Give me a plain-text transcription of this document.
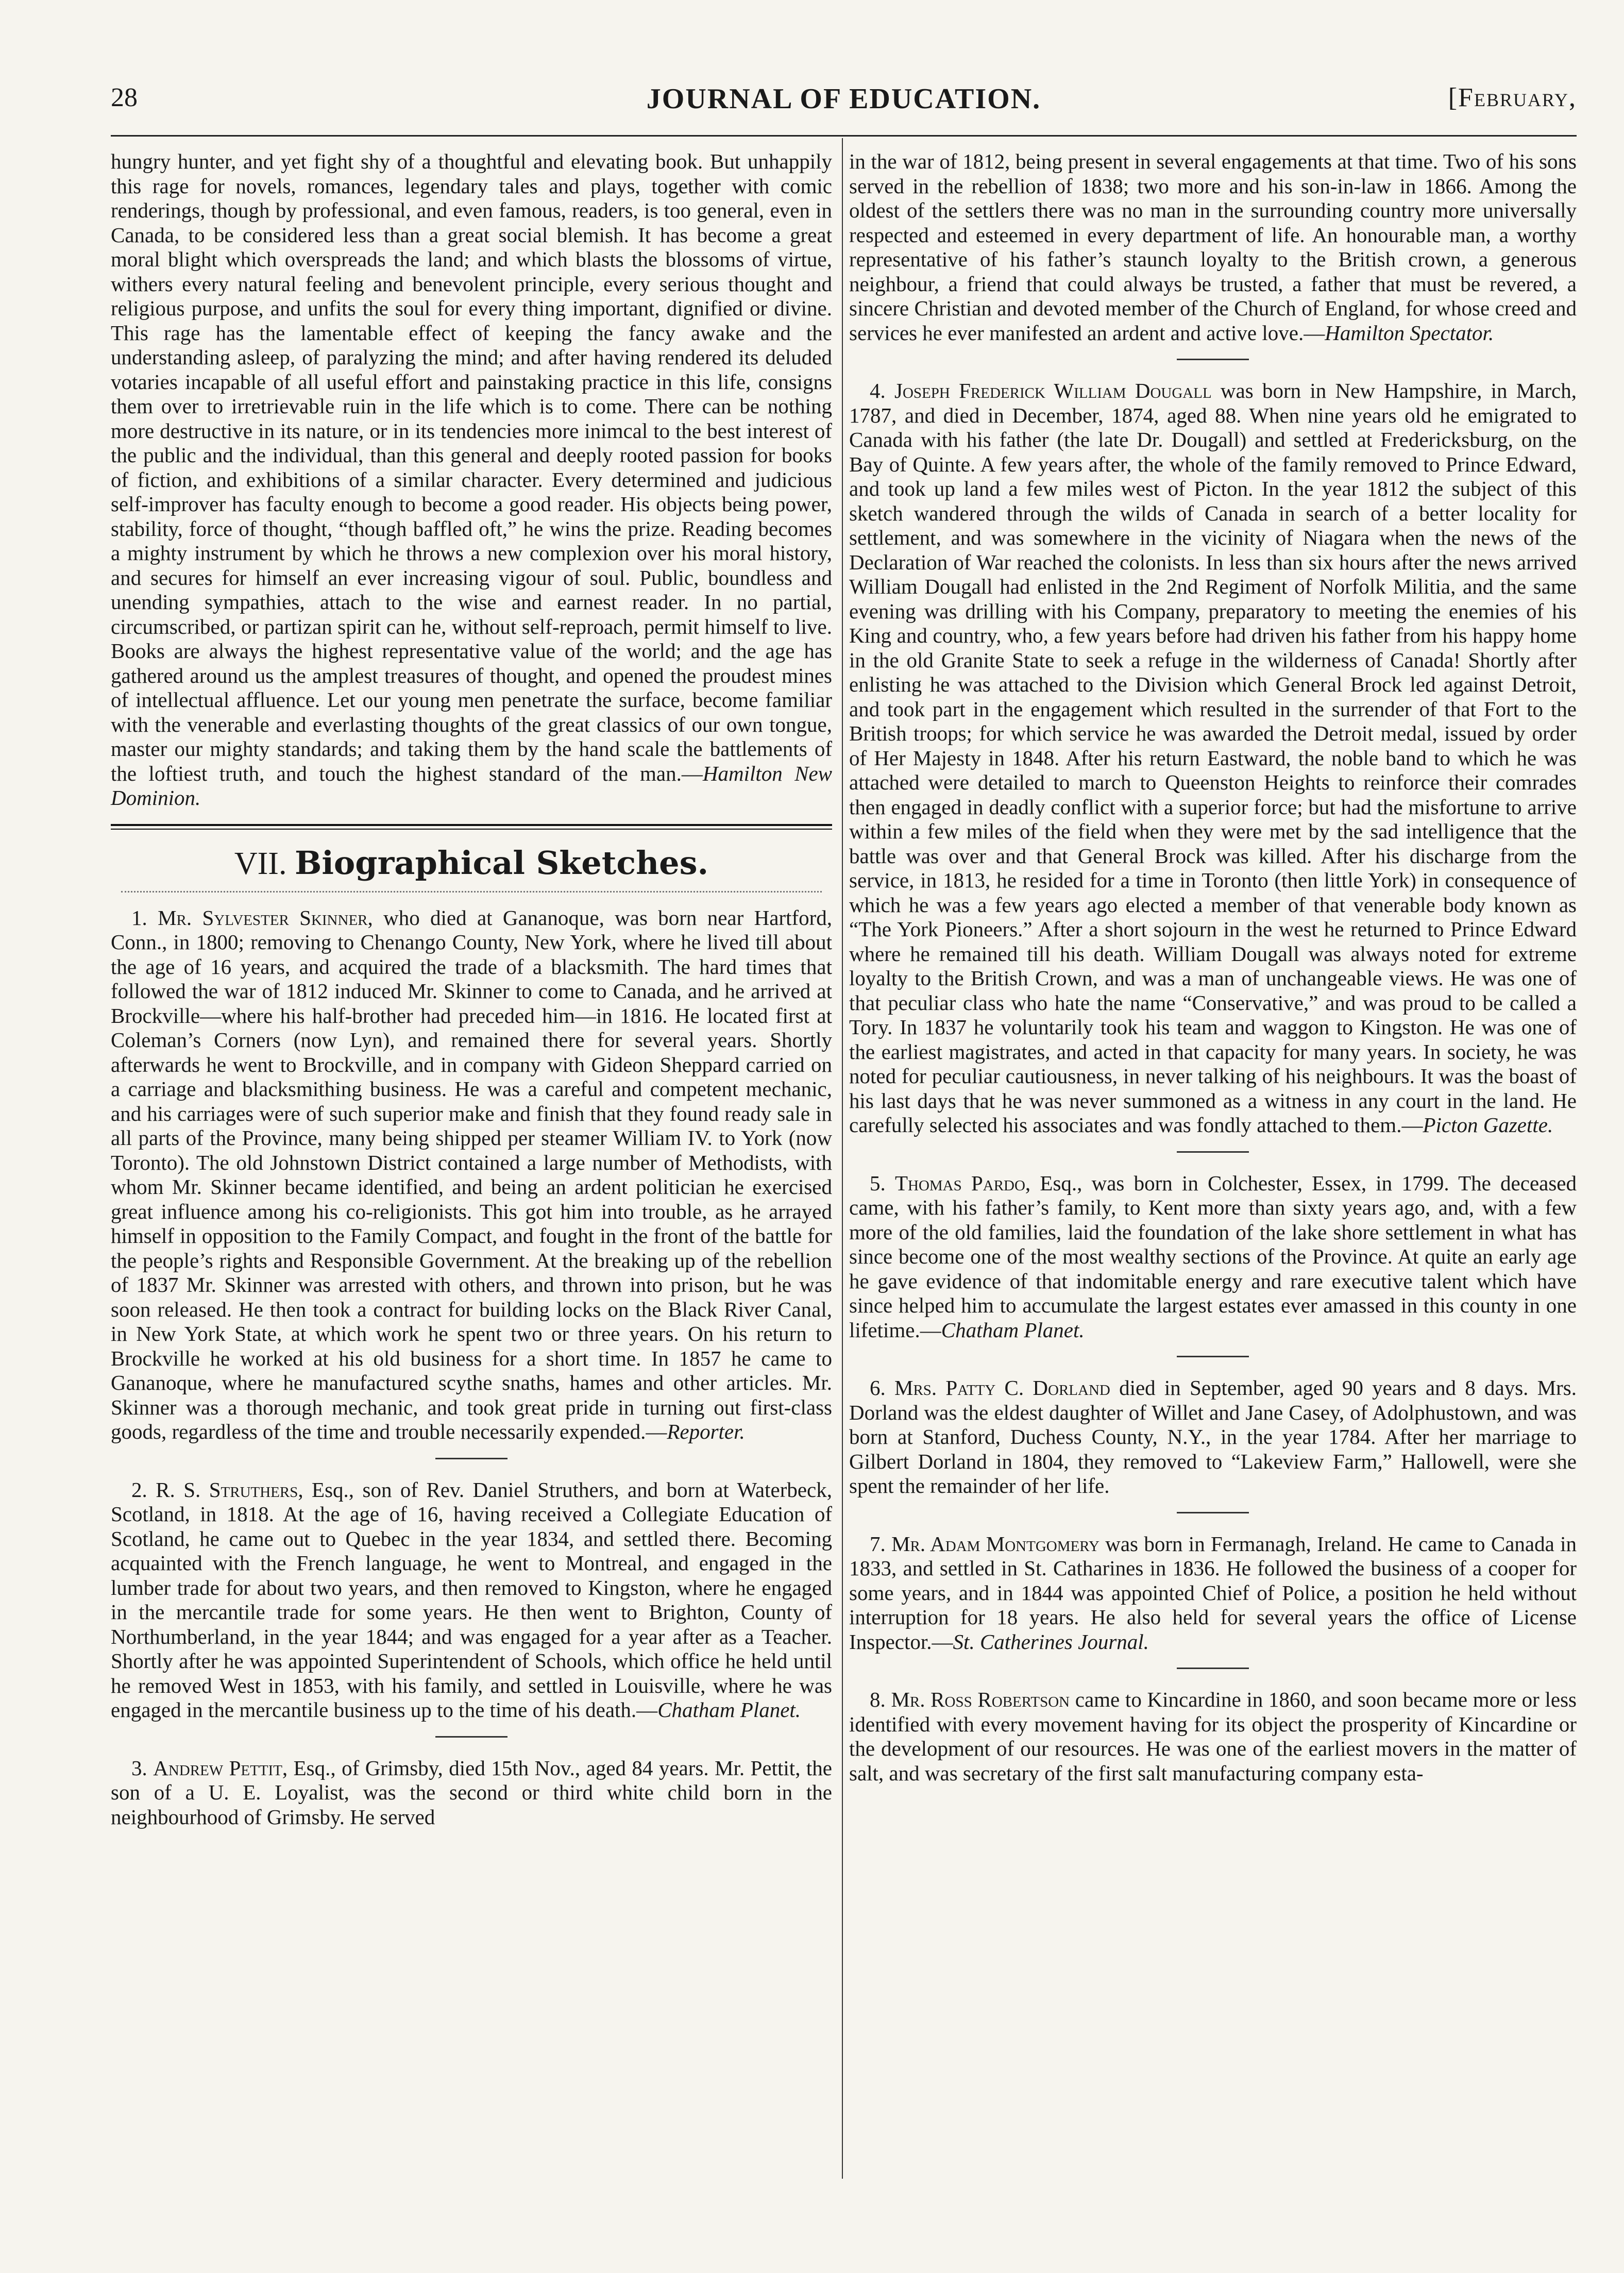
JOURNAL OF EDUCATION.
28	[February,

hungry hunter, and yet fight shy of a thoughtful and elevating book. But unhappily this rage for novels, romances, legendary tales and plays, together with comic renderings, though by professional, and even famous, readers, is too general, even in Canada, to be considered less than a great social blemish. It has become a great moral blight which overspreads the land; and which blasts the blossoms of virtue, withers every natural feeling and benevolent principle, every serious thought and religious purpose, and unfits the soul for every thing important, dignified or divine. This rage has the lamentable effect of keeping the fancy awake and the understanding asleep, of paralyzing the mind; and after having rendered its deluded votaries incapable of all useful effort and painstaking practice in this life, consigns them over to irretrievable ruin in the life which is to come. There can be nothing more destructive in its nature, or in its tendencies more inimcal to the best interest of the public and the individual, than this general and deeply rooted passion for books of fiction, and exhibitions of a similar character. Every determined and judicious self-improver has faculty enough to become a good reader. His objects being power, stability, force of thought, “though baffled oft,” he wins the prize. Reading becomes a mighty instrument by which he throws a new complexion over his moral history, and secures for himself an ever increasing vigour of soul. Public, boundless and unending sympathies, attach to the wise and earnest reader. In no partial, circumscribed, or partizan spirit can he, without self-reproach, permit himself to live. Books are always the highest representative value of the world; and the age has gathered around us the amplest treasures of thought, and opened the proudest mines of intellectual affluence. Let our young men penetrate the surface, become familiar with the venerable and everlasting thoughts of the great classics of our own tongue, master our mighty standards; and taking them by the hand scale the battlements of the loftiest truth, and touch the highest standard of the man.—Hamilton New Dominion.

VII. Biographical Sketches.

1. Mr. Sylvester Skinner, who died at Gananoque, was born near Hartford, Conn., in 1800; removing to Chenango County, New York, where he lived till about the age of 16 years, and acquired the trade of a blacksmith. The hard times that followed the war of 1812 induced Mr. Skinner to come to Canada, and he arrived at Brockville—where his half-brother had preceded him—in 1816. He located first at Coleman’s Corners (now Lyn), and remained there for several years. Shortly afterwards he went to Brockville, and in company with Gideon Sheppard carried on a carriage and blacksmithing business. He was a careful and competent mechanic, and his carriages were of such superior make and finish that they found ready sale in all parts of the Province, many being shipped per steamer William IV. to York (now Toronto). The old Johnstown District contained a large number of Methodists, with whom Mr. Skinner became identified, and being an ardent politician he exercised great influence among his co-religionists. This got him into trouble, as he arrayed himself in opposition to the Family Compact, and fought in the front of the battle for the people’s rights and Responsible Government. At the breaking up of the rebellion of 1837 Mr. Skinner was arrested with others, and thrown into prison, but he was soon released. He then took a contract for building locks on the Black River Canal, in New York State, at which work he spent two or three years. On his return to Brockville he worked at his old business for a short time. In 1857 he came to Gananoque, where he manufactured scythe snaths, hames and other articles. Mr. Skinner was a thorough mechanic, and took great pride in turning out first-class goods, regardless of the time and trouble necessarily expended.—Reporter.

2. R. S. Struthers, Esq., son of Rev. Daniel Struthers, and born at Waterbeck, Scotland, in 1818. At the age of 16, having received a Collegiate Education of Scotland, he came out to Quebec in the year 1834, and settled there. Becoming acquainted with the French language, he went to Montreal, and engaged in the lumber trade for about two years, and then removed to Kingston, where he engaged in the mercantile trade for some years. He then went to Brighton, County of Northumberland, in the year 1844; and was engaged for a year after as a Teacher. Shortly after he was appointed Superintendent of Schools, which office he held until he removed West in 1853, with his family, and settled in Louisville, where he was engaged in the mercantile business up to the time of his death.—Chatham Planet.

3. Andrew Pettit, Esq., of Grimsby, died 15th Nov., aged 84 years. Mr. Pettit, the son of a U. E. Loyalist, was the second or third white child born in the neighbourhood of Grimsby. He served

in the war of 1812, being present in several engagements at that time. Two of his sons served in the rebellion of 1838; two more and his son-in-law in 1866. Among the oldest of the settlers there was no man in the surrounding country more universally respected and esteemed in every department of life. An honourable man, a worthy representative of his father’s staunch loyalty to the British crown, a generous neighbour, a friend that could always be trusted, a father that must be revered, a sincere Christian and devoted member of the Church of England, for whose creed and services he ever manifested an ardent and active love.—Hamilton Spectator.

4. Joseph Frederick William Dougall was born in New Hampshire, in March, 1787, and died in December, 1874, aged 88. When nine years old he emigrated to Canada with his father (the late Dr. Dougall) and settled at Fredericksburg, on the Bay of Quinte. A few years after, the whole of the family removed to Prince Edward, and took up land a few miles west of Picton. In the year 1812 the subject of this sketch wandered through the wilds of Canada in search of a better locality for settlement, and was somewhere in the vicinity of Niagara when the news of the Declaration of War reached the colonists. In less than six hours after the news arrived William Dougall had enlisted in the 2nd Regiment of Norfolk Militia, and the same evening was drilling with his Company, preparatory to meeting the enemies of his King and country, who, a few years before had driven his father from his happy home in the old Granite State to seek a refuge in the wilderness of Canada! Shortly after enlisting he was attached to the Division which General Brock led against Detroit, and took part in the engagement which resulted in the surrender of that Fort to the British troops; for which service he was awarded the Detroit medal, issued by order of Her Majesty in 1848. After his return Eastward, the noble band to which he was attached were detailed to march to Queenston Heights to reinforce their comrades then engaged in deadly conflict with a superior force; but had the misfortune to arrive within a few miles of the field when they were met by the sad intelligence that the battle was over and that General Brock was killed. After his discharge from the service, in 1813, he resided for a time in Toronto (then little York) in consequence of which he was a few years ago elected a member of that venerable body known as “The York Pioneers.” After a short sojourn in the west he returned to Prince Edward where he remained till his death. William Dougall was always noted for extreme loyalty to the British Crown, and was a man of unchangeable views. He was one of that peculiar class who hate the name “Conservative,” and was proud to be called a Tory. In 1837 he voluntarily took his team and waggon to Kingston. He was one of the earliest magistrates, and acted in that capacity for many years. In society, he was noted for peculiar cautiousness, in never talking of his neighbours. It was the boast of his last days that he was never summoned as a witness in any court in the land. He carefully selected his associates and was fondly attached to them.—Picton Gazette.

5. Thomas Pardo, Esq., was born in Colchester, Essex, in 1799. The deceased came, with his father’s family, to Kent more than sixty years ago, and, with a few more of the old families, laid the foundation of the lake shore settlement in what has since become one of the most wealthy sections of the Province. At quite an early age he gave evidence of that indomitable energy and rare executive talent which have since helped him to accumulate the largest estates ever amassed in this county in one lifetime.—Chatham Planet.

6. Mrs. Patty C. Dorland died in September, aged 90 years and 8 days. Mrs. Dorland was the eldest daughter of Willet and Jane Casey, of Adolphustown, and was born at Stanford, Duchess County, N.Y., in the year 1784. After her marriage to Gilbert Dorland in 1804, they removed to “Lakeview Farm,” Hallowell, were she spent the remainder of her life.

7. Mr. Adam Montgomery was born in Fermanagh, Ireland. He came to Canada in 1833, and settled in St. Catharines in 1836. He followed the business of a cooper for some years, and in 1844 was appointed Chief of Police, a position he held without interruption for 18 years. He also held for several years the office of License Inspector.—St. Catherines Journal.

8. Mr. Ross Robertson came to Kincardine in 1860, and soon became more or less identified with every movement having for its object the prosperity of Kincardine or the development of our resources. He was one of the earliest movers in the matter of salt, and was secretary of the first salt manufacturing company esta-
